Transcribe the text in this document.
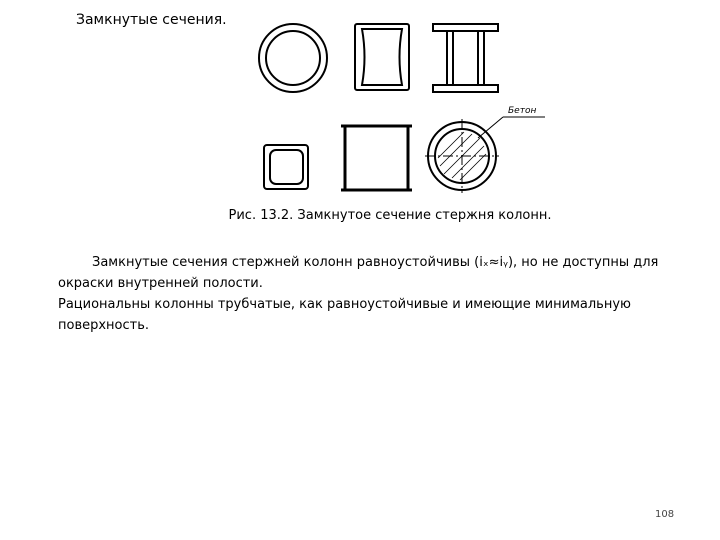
Замкнутые сечения.
Бетон
Рис. 13.2. Замкнутое сечение стержня колонн.

Замкнутые сечения стержней колонн равноустойчивы (iₓ≈iᵧ), но не доступны для окраски внутренней полости.

Рациональны колонны трубчатые, как равноустойчивые и имеющие минимальную поверхность.

108
